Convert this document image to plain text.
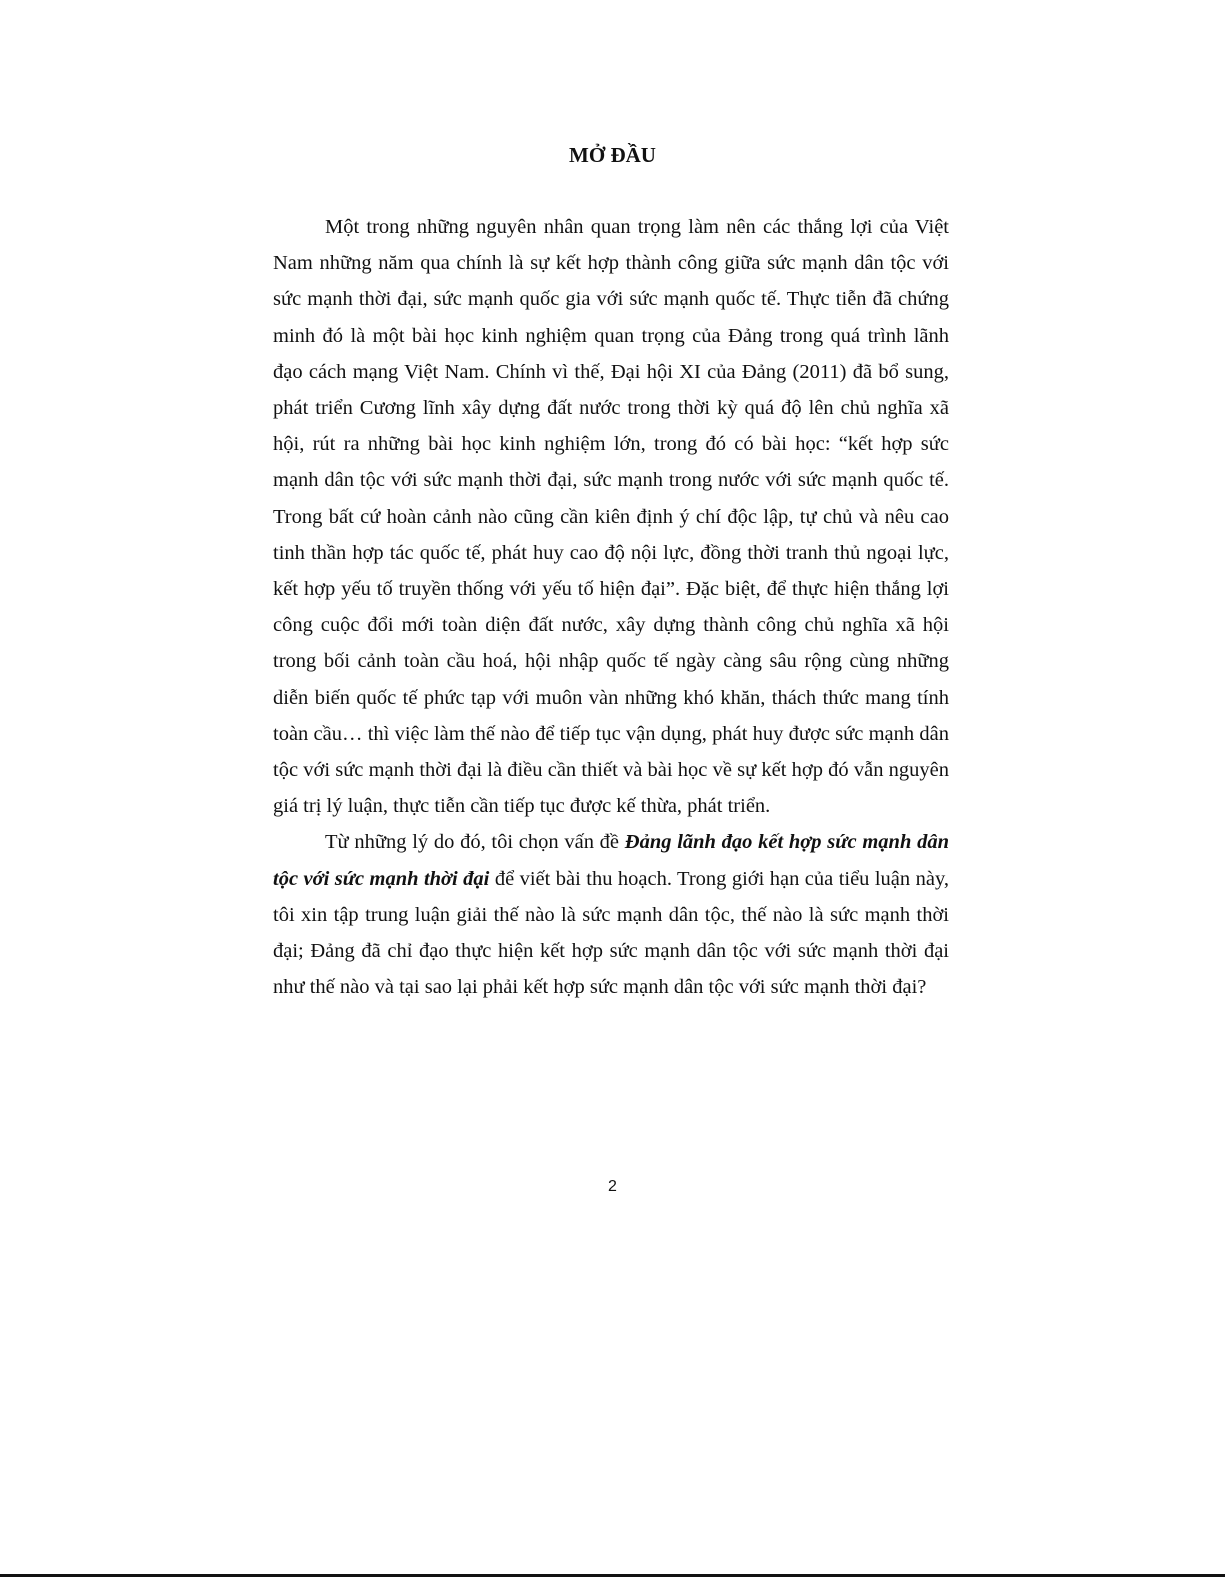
MỞ ĐẦU

Một trong những nguyên nhân quan trọng làm nên các thắng lợi của Việt Nam những năm qua chính là sự kết hợp thành công giữa sức mạnh dân tộc với sức mạnh thời đại, sức mạnh quốc gia với sức mạnh quốc tế. Thực tiễn đã chứng minh đó là một bài học kinh nghiệm quan trọng của Đảng trong quá trình lãnh đạo cách mạng Việt Nam. Chính vì thế, Đại hội XI của Đảng (2011) đã bổ sung, phát triển Cương lĩnh xây dựng đất nước trong thời kỳ quá độ lên chủ nghĩa xã hội, rút ra những bài học kinh nghiệm lớn, trong đó có bài học: “kết hợp sức mạnh dân tộc với sức mạnh thời đại, sức mạnh trong nước với sức mạnh quốc tế. Trong bất cứ hoàn cảnh nào cũng cần kiên định ý chí độc lập, tự chủ và nêu cao tinh thần hợp tác quốc tế, phát huy cao độ nội lực, đồng thời tranh thủ ngoại lực, kết hợp yếu tố truyền thống với yếu tố hiện đại”. Đặc biệt, để thực hiện thắng lợi công cuộc đổi mới toàn diện đất nước, xây dựng thành công chủ nghĩa xã hội trong bối cảnh toàn cầu hoá, hội nhập quốc tế ngày càng sâu rộng cùng những diễn biến quốc tế phức tạp với muôn vàn những khó khăn, thách thức mang tính toàn cầu… thì việc làm thế nào để tiếp tục vận dụng, phát huy được sức mạnh dân tộc với sức mạnh thời đại là điều cần thiết và bài học về sự kết hợp đó vẫn nguyên giá trị lý luận, thực tiễn cần tiếp tục được kế thừa, phát triển.

Từ những lý do đó, tôi chọn vấn đề Đảng lãnh đạo kết hợp sức mạnh dân tộc với sức mạnh thời đại để viết bài thu hoạch. Trong giới hạn của tiểu luận này, tôi xin tập trung luận giải thế nào là sức mạnh dân tộc, thế nào là sức mạnh thời đại; Đảng đã chỉ đạo thực hiện kết hợp sức mạnh dân tộc với sức mạnh thời đại như thế nào và tại sao lại phải kết hợp sức mạnh dân tộc với sức mạnh thời đại?

2
